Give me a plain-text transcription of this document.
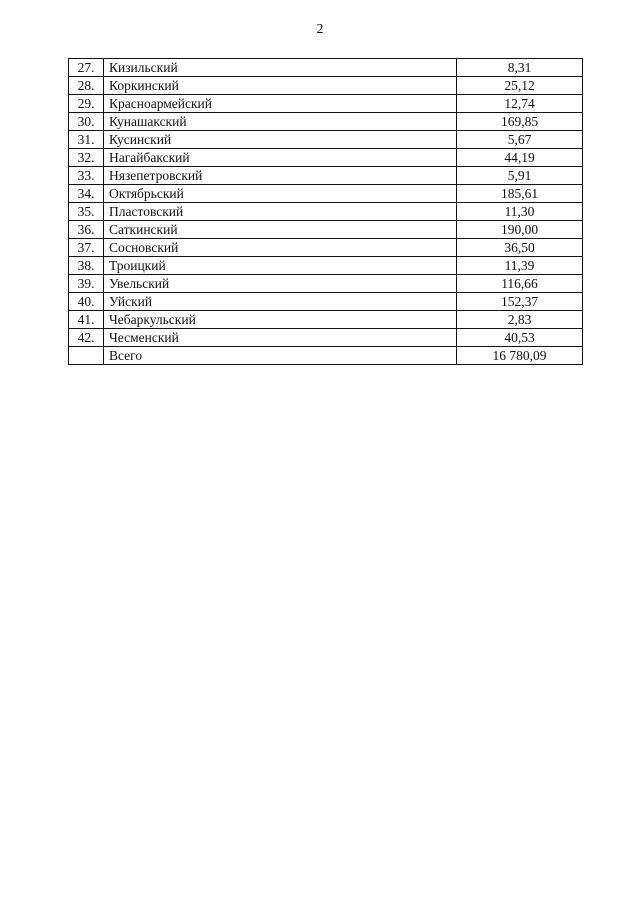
2
27.	Кизильский	8,31
28.	Коркинский	25,12
29.	Красноармейский	12,74
30.	Кунашакский	169,85
31.	Кусинский	5,67
32.	Нагайбакский	44,19
33.	Нязепетровский	5,91
34.	Октябрьский	185,61
35.	Пластовский	11,30
36.	Саткинский	190,00
37.	Сосновский	36,50
38.	Троицкий	11,39
39.	Увельский	116,66
40.	Уйский	152,37
41.	Чебаркульский	2,83
42.	Чесменский	40,53
	Всего	16 780,09
